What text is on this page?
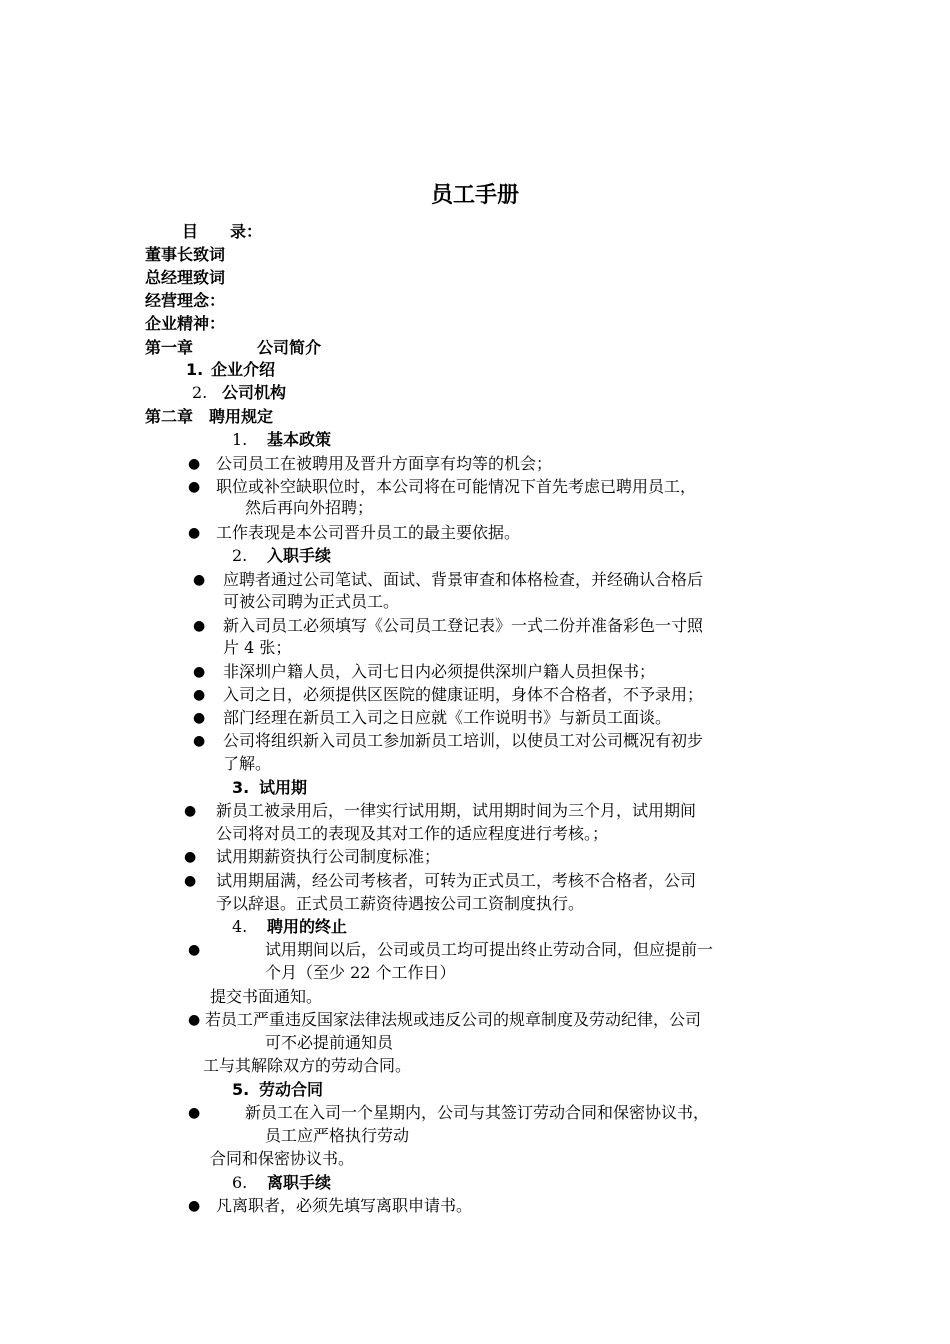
员工手册
目　　录：
董事长致词
总经理致词
经营理念：
企业精神：
第一章	公司简介
1. 企业介绍
2. 公司机构
第二章 聘用规定
1. 基本政策
● 公司员工在被聘用及晋升方面享有均等的机会；
● 职位或补空缺职位时，本公司将在可能情况下首先考虑已聘用员工，
然后再向外招聘；
● 工作表现是本公司晋升员工的最主要依据。
2. 入职手续
● 应聘者通过公司笔试、面试、背景审查和体格检查，并经确认合格后
可被公司聘为正式员工。
● 新入司员工必须填写《公司员工登记表》一式二份并准备彩色一寸照
片 4 张；
● 非深圳户籍人员，入司七日内必须提供深圳户籍人员担保书；
● 入司之日，必须提供区医院的健康证明，身体不合格者，不予录用；
● 部门经理在新员工入司之日应就《工作说明书》与新员工面谈。
● 公司将组织新入司员工参加新员工培训，以使员工对公司概况有初步
了解。
3. 试用期
● 新员工被录用后，一律实行试用期，试用期时间为三个月，试用期间
公司将对员工的表现及其对工作的适应程度进行考核。；
● 试用期薪资执行公司制度标准；
● 试用期届满，经公司考核者，可转为正式员工，考核不合格者，公司
予以辞退。正式员工薪资待遇按公司工资制度执行。
4. 聘用的终止
●	试用期间以后，公司或员工均可提出终止劳动合同，但应提前一
个月（至少 22 个工作日）
提交书面通知。
● 若员工严重违反国家法律法规或违反公司的规章制度及劳动纪律，公司
可不必提前通知员
工与其解除双方的劳动合同。
5. 劳动合同
●	新员工在入司一个星期内，公司与其签订劳动合同和保密协议书，
员工应严格执行劳动
合同和保密协议书。
6. 离职手续
● 凡离职者，必须先填写离职申请书。
